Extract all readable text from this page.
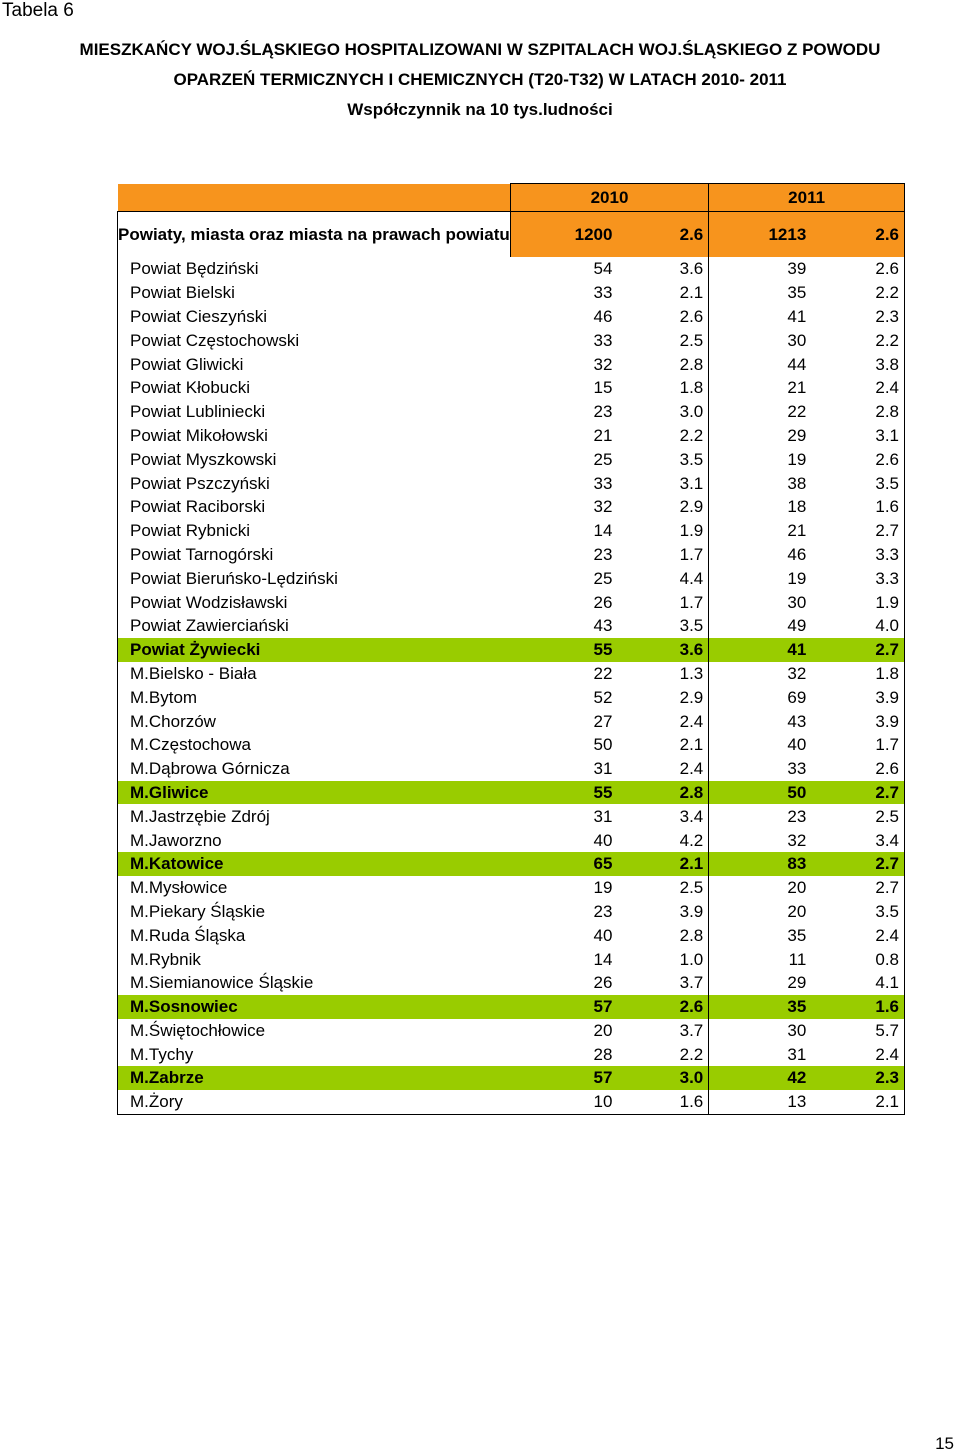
Tabela 6
MIESZKAŃCY WOJ.ŚLĄSKIEGO HOSPITALIZOWANI W SZPITALACH WOJ.ŚLĄSKIEGO Z POWODU
OPARZEŃ TERMICZNYCH I CHEMICZNYCH (T20-T32) W LATACH 2010- 2011
Współczynnik na 10 tys.ludności
	2010		2011	
Powiaty, miasta oraz miasta na prawach powiatu	1200	2.6	1213	2.6
Powiat Będziński	54	3.6	39	2.6
Powiat Bielski	33	2.1	35	2.2
Powiat Cieszyński	46	2.6	41	2.3
Powiat Częstochowski	33	2.5	30	2.2
Powiat Gliwicki	32	2.8	44	3.8
Powiat Kłobucki	15	1.8	21	2.4
Powiat Lubliniecki	23	3.0	22	2.8
Powiat Mikołowski	21	2.2	29	3.1
Powiat Myszkowski	25	3.5	19	2.6
Powiat Pszczyński	33	3.1	38	3.5
Powiat Raciborski	32	2.9	18	1.6
Powiat Rybnicki	14	1.9	21	2.7
Powiat Tarnogórski	23	1.7	46	3.3
Powiat Bieruńsko-Lędziński	25	4.4	19	3.3
Powiat Wodzisławski	26	1.7	30	1.9
Powiat Zawierciański	43	3.5	49	4.0
Powiat Żywiecki	55	3.6	41	2.7
M.Bielsko - Biała	22	1.3	32	1.8
M.Bytom	52	2.9	69	3.9
M.Chorzów	27	2.4	43	3.9
M.Częstochowa	50	2.1	40	1.7
M.Dąbrowa Górnicza	31	2.4	33	2.6
M.Gliwice	55	2.8	50	2.7
M.Jastrzębie Zdrój	31	3.4	23	2.5
M.Jaworzno	40	4.2	32	3.4
M.Katowice	65	2.1	83	2.7
M.Mysłowice	19	2.5	20	2.7
M.Piekary Śląskie	23	3.9	20	3.5
M.Ruda Śląska	40	2.8	35	2.4
M.Rybnik	14	1.0	11	0.8
M.Siemianowice Śląskie	26	3.7	29	4.1
M.Sosnowiec	57	2.6	35	1.6
M.Świętochłowice	20	3.7	30	5.7
M.Tychy	28	2.2	31	2.4
M.Zabrze	57	3.0	42	2.3
M.Żory	10	1.6	13	2.1
15
